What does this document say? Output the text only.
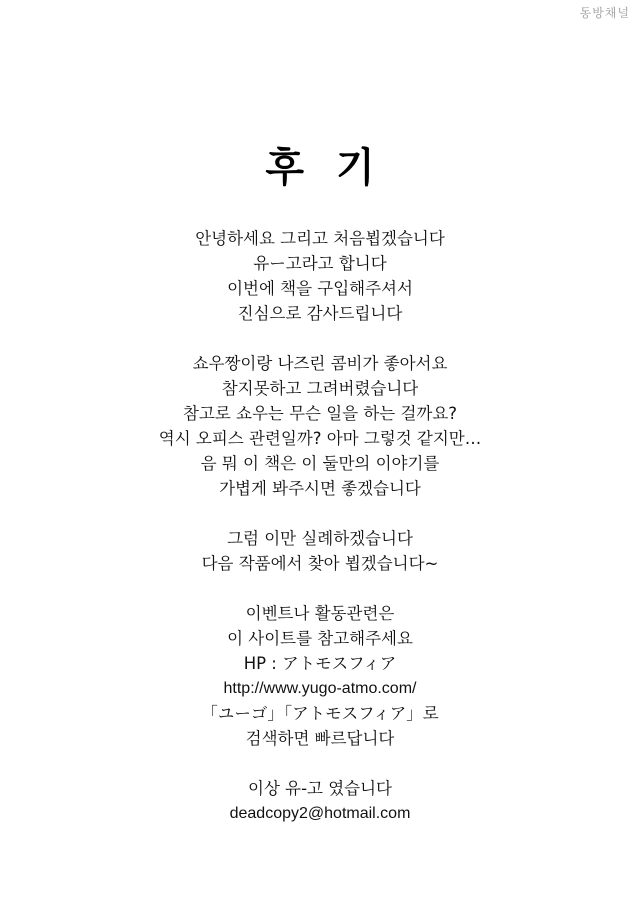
동방채널
후기
안녕하세요 그리고 처음뵙겠습니다
유ー고라고 합니다
이번에 책을 구입해주셔서
진심으로 감사드립니다
쇼우짱이랑 나즈린 콤비가 좋아서요
참지못하고 그려버렸습니다
참고로 쇼우는 무슨 일을 하는 걸까요?
역시 오피스 관련일까? 아마 그렇것 같지만…
음 뭐 이 책은 이 둘만의 이야기를
가볍게 봐주시면 좋겠습니다
그럼 이만 실례하겠습니다
다음 작품에서 찾아 뵙겠습니다~
이벤트나 활동관련은
이 사이트를 참고해주세요
HP : アトモスフィア
http://www.yugo-atmo.com/
「ユーゴ」「アトモスフィア」로
검색하면 빠르답니다
이상 유-고 였습니다
deadcopy2@hotmail.com
